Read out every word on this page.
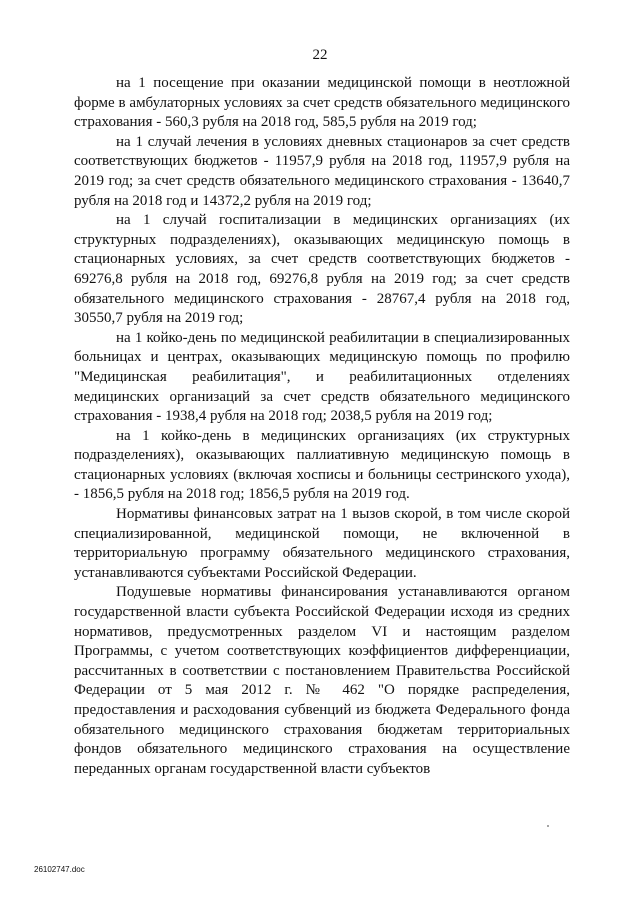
22

на 1 посещение при оказании медицинской помощи в неотложной форме в амбулаторных условиях за счет средств обязательного медицинского страхования - 560,3 рубля на 2018 год, 585,5 рубля на 2019 год;

на 1 случай лечения в условиях дневных стационаров за счет средств соответствующих бюджетов - 11957,9 рубля на 2018 год, 11957,9 рубля на 2019 год; за счет средств обязательного медицинского страхования - 13640,7 рубля на 2018 год и 14372,2 рубля на 2019 год;

на 1 случай госпитализации в медицинских организациях (их структурных подразделениях), оказывающих медицинскую помощь в стационарных условиях, за счет средств соответствующих бюджетов - 69276,8 рубля на 2018 год, 69276,8 рубля на 2019 год; за счет средств обязательного медицинского страхования - 28767,4 рубля на 2018 год, 30550,7 рубля на 2019 год;

на 1 койко-день по медицинской реабилитации в специализированных больницах и центрах, оказывающих медицинскую помощь по профилю "Медицинская реабилитация", и реабилитационных отделениях медицинских организаций за счет средств обязательного медицинского страхования - 1938,4 рубля на 2018 год; 2038,5 рубля на 2019 год;

на 1 койко-день в медицинских организациях (их структурных подразделениях), оказывающих паллиативную медицинскую помощь в стационарных условиях (включая хосписы и больницы сестринского ухода), - 1856,5 рубля на 2018 год; 1856,5 рубля на 2019 год.

Нормативы финансовых затрат на 1 вызов скорой, в том числе скорой специализированной, медицинской помощи, не включенной в территориальную программу обязательного медицинского страхования, устанавливаются субъектами Российской Федерации.

Подушевые нормативы финансирования устанавливаются органом государственной власти субъекта Российской Федерации исходя из средних нормативов, предусмотренных разделом VI и настоящим разделом Программы, с учетом соответствующих коэффициентов дифференциации, рассчитанных в соответствии с постановлением Правительства Российской Федерации от 5 мая 2012 г. № 462 "О порядке распределения, предоставления и расходования субвенций из бюджета Федерального фонда обязательного медицинского страхования бюджетам территориальных фондов обязательного медицинского страхования на осуществление переданных органам государственной власти субъектов

26102747.doc
